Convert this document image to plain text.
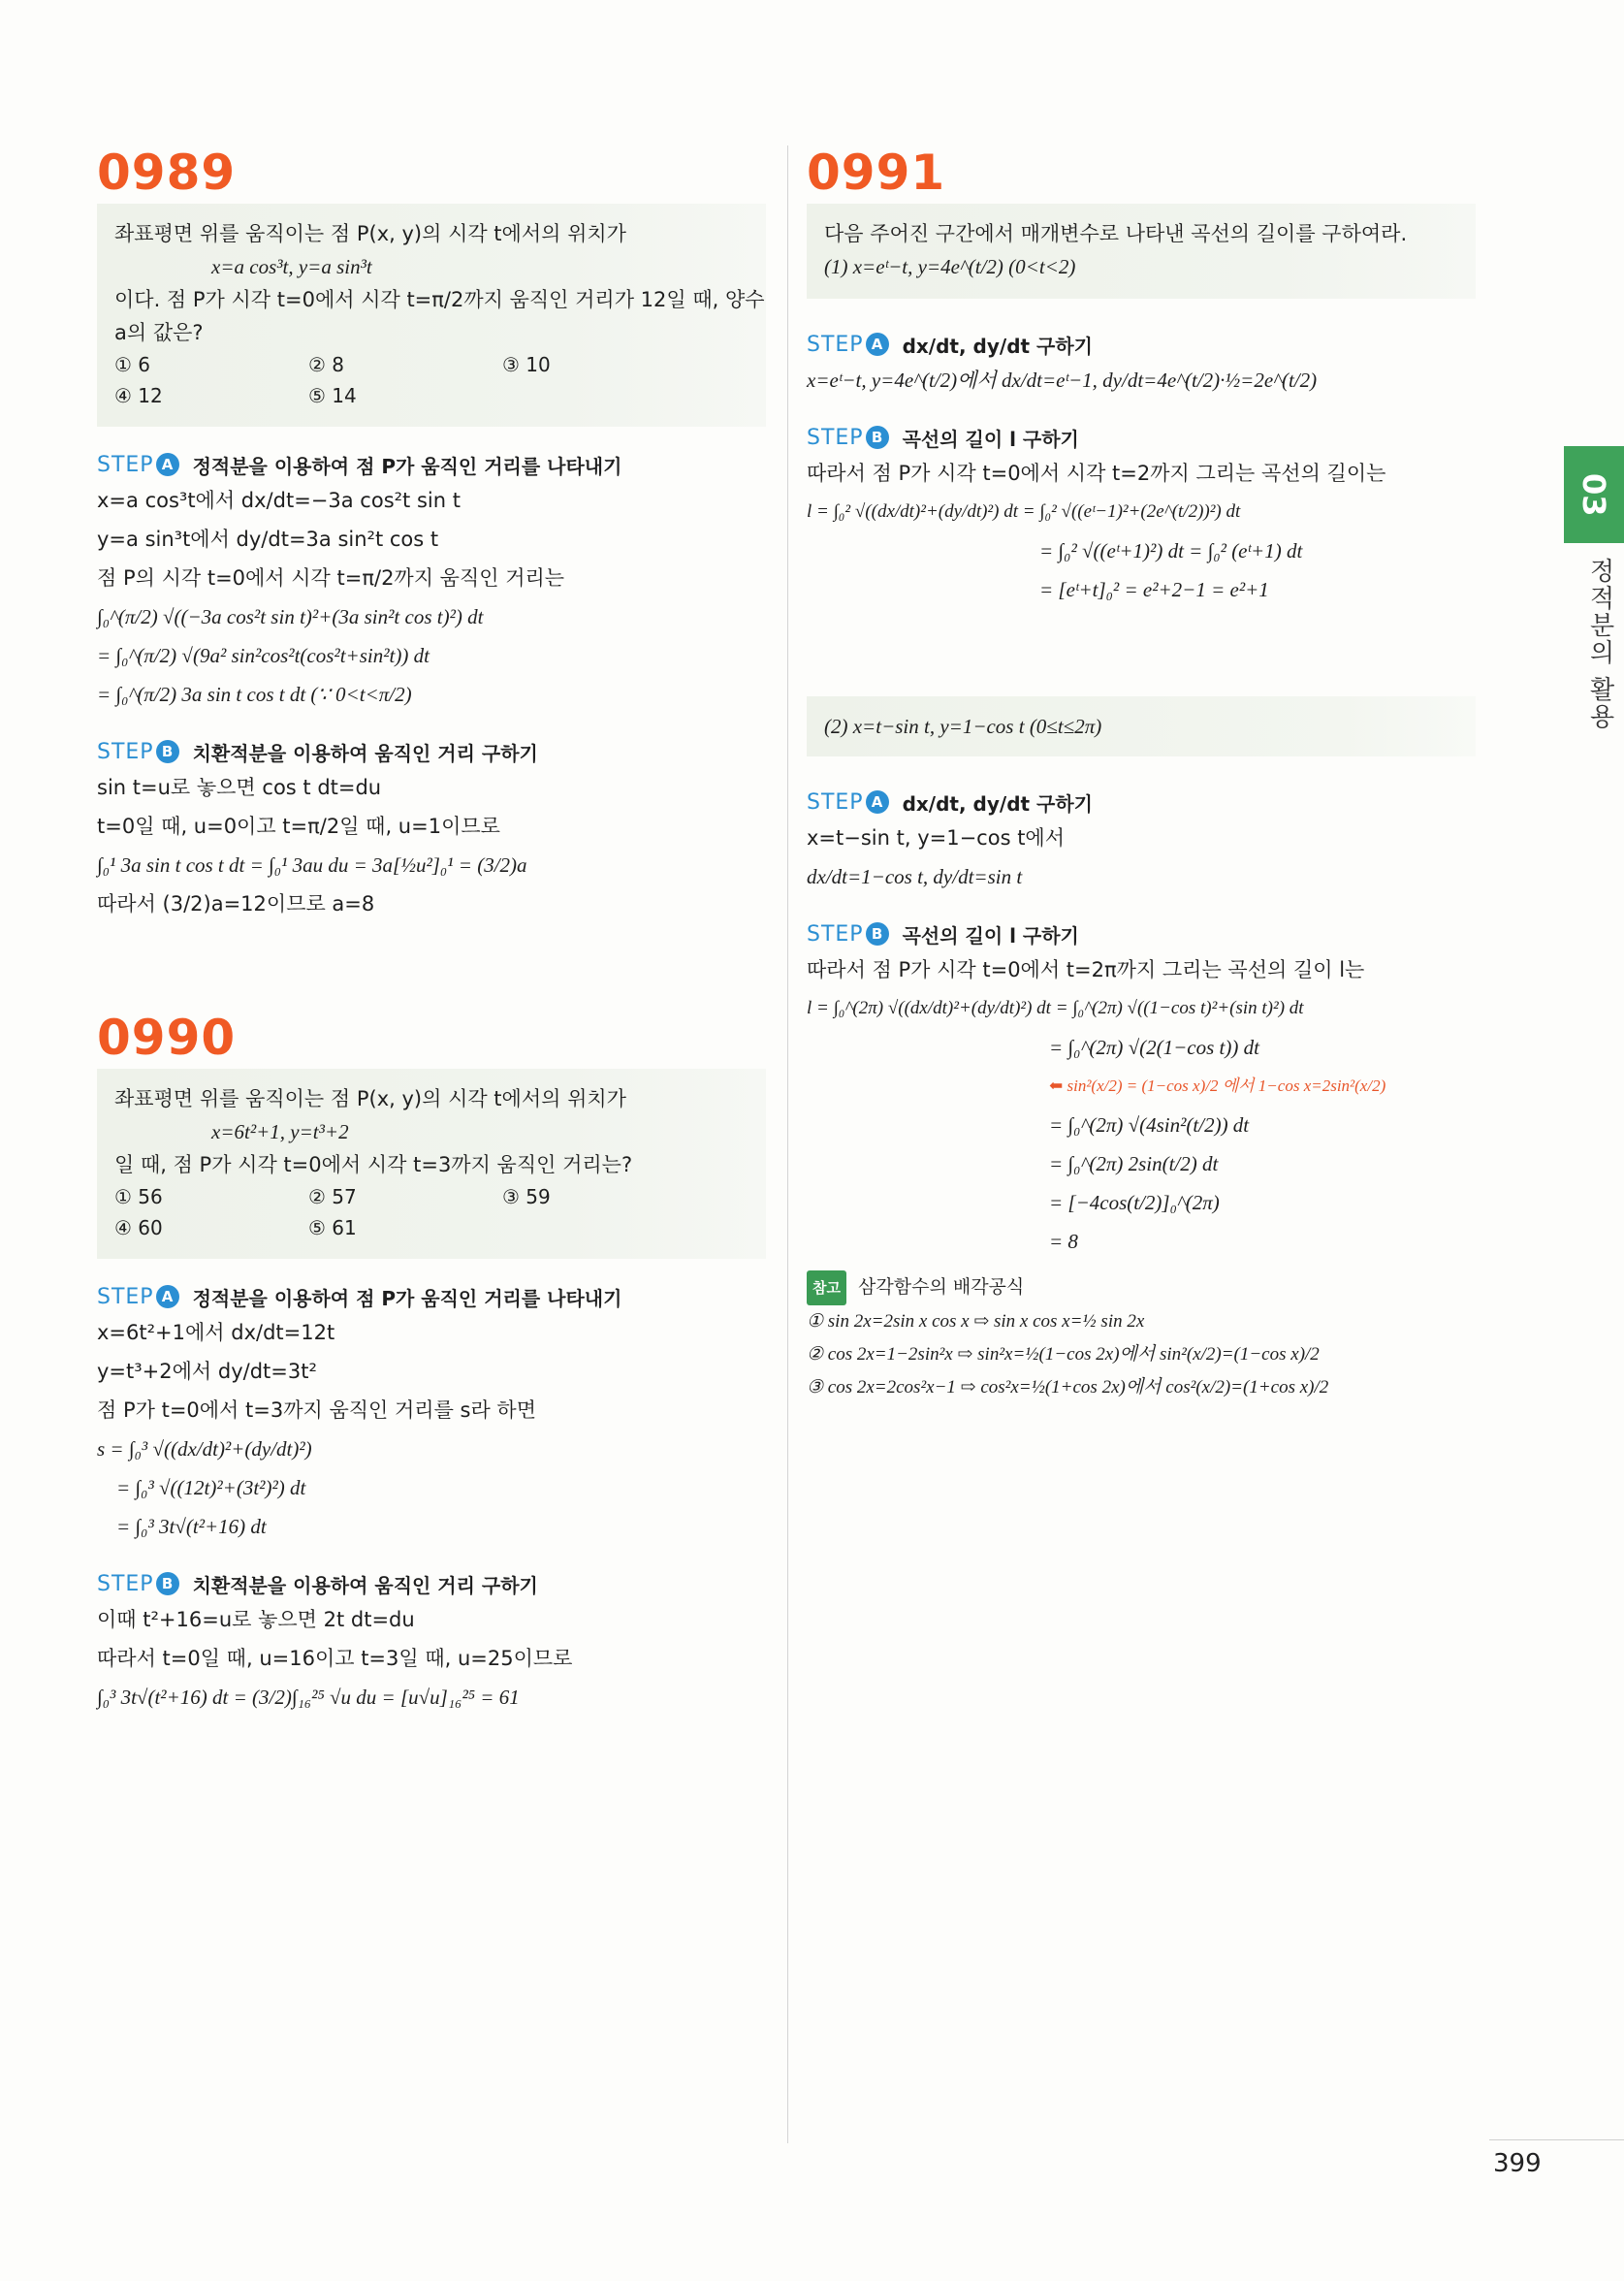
0989
좌표평면 위를 움직이는 점 P(x, y)의 시각 t에서의 위치가
x=a cos³t, y=a sin³t
이다. 점 P가 시각 t=0에서 시각 t=π/2까지 움직인 거리가 12일 때, 양수
a의 값은?
① 6	② 8	③ 10
④ 12	⑤ 14
STEP A	정적분을 이용하여 점 P가 움직인 거리를 나타내기
x=a cos³t에서 dx/dt=−3a cos²t sin t
y=a sin³t에서 dy/dt=3a sin²t cos t
점 P의 시각 t=0에서 시각 t=π/2까지 움직인 거리는
∫₀^(π/2) √((−3a cos²t sin t)²+(3a sin²t cos t)²) dt
= ∫₀^(π/2) √(9a² sin²cos²t(cos²t+sin²t)) dt
= ∫₀^(π/2) 3a sin t cos t dt (∵ 0<t<π/2)
STEP B	치환적분을 이용하여 움직인 거리 구하기
sin t=u로 놓으면 cos t dt=du
t=0일 때, u=0이고 t=π/2일 때, u=1이므로
∫₀¹ 3a sin t cos t dt = ∫₀¹ 3au du = 3a[½u²]₀¹ = (3/2)a
따라서 (3/2)a=12이므로 a=8
0990
좌표평면 위를 움직이는 점 P(x, y)의 시각 t에서의 위치가
x=6t²+1, y=t³+2
일 때, 점 P가 시각 t=0에서 시각 t=3까지 움직인 거리는?
① 56	② 57	③ 59
④ 60	⑤ 61
STEP A	정적분을 이용하여 점 P가 움직인 거리를 나타내기
x=6t²+1에서 dx/dt=12t
y=t³+2에서 dy/dt=3t²
점 P가 t=0에서 t=3까지 움직인 거리를 s라 하면
s = ∫₀³ √((dx/dt)²+(dy/dt)²)
= ∫₀³ √((12t)²+(3t²)²) dt
= ∫₀³ 3t√(t²+16) dt
STEP B	치환적분을 이용하여 움직인 거리 구하기
이때 t²+16=u로 놓으면 2t dt=du
따라서 t=0일 때, u=16이고 t=3일 때, u=25이므로
∫₀³ 3t√(t²+16) dt = (3/2)∫₁₆²⁵ √u du = [u√u]₁₆²⁵ = 61
0991
다음 주어진 구간에서 매개변수로 나타낸 곡선의 길이를 구하여라.
(1) x=eᵗ−t, y=4e^(t/2) (0<t<2)
STEP A	dx/dt, dy/dt 구하기
x=eᵗ−t, y=4e^(t/2)에서 dx/dt=eᵗ−1, dy/dt=4e^(t/2)·½=2e^(t/2)
STEP B	곡선의 길이 l 구하기
따라서 점 P가 시각 t=0에서 시각 t=2까지 그리는 곡선의 길이는
l = ∫₀² √((dx/dt)²+(dy/dt)²) dt = ∫₀² √((eᵗ−1)²+(2e^(t/2))²) dt
= ∫₀² √((eᵗ+1)²) dt = ∫₀² (eᵗ+1) dt
= [eᵗ+t]₀² = e²+2−1 = e²+1
(2) x=t−sin t, y=1−cos t (0≤t≤2π)
STEP A	dx/dt, dy/dt 구하기
x=t−sin t, y=1−cos t에서
dx/dt=1−cos t, dy/dt=sin t
STEP B	곡선의 길이 l 구하기
따라서 점 P가 시각 t=0에서 t=2π까지 그리는 곡선의 길이 l는
l = ∫₀^(2π) √((dx/dt)²+(dy/dt)²) dt = ∫₀^(2π) √((1−cos t)²+(sin t)²) dt
= ∫₀^(2π) √(2(1−cos t)) dt
⬅ sin²(x/2) = (1−cos x)/2 에서 1−cos x=2sin²(x/2)
= ∫₀^(2π) √(4sin²(t/2)) dt
= ∫₀^(2π) 2sin(t/2) dt
= [−4cos(t/2)]₀^(2π)
= 8
참고 삼각함수의 배각공식
① sin 2x=2sin x cos x ⇨ sin x cos x=½ sin 2x
② cos 2x=1−2sin²x ⇨ sin²x=½(1−cos 2x)에서 sin²(x/2)=(1−cos x)/2
③ cos 2x=2cos²x−1 ⇨ cos²x=½(1+cos 2x)에서 cos²(x/2)=(1+cos x)/2
03
정적분의 활용
399
